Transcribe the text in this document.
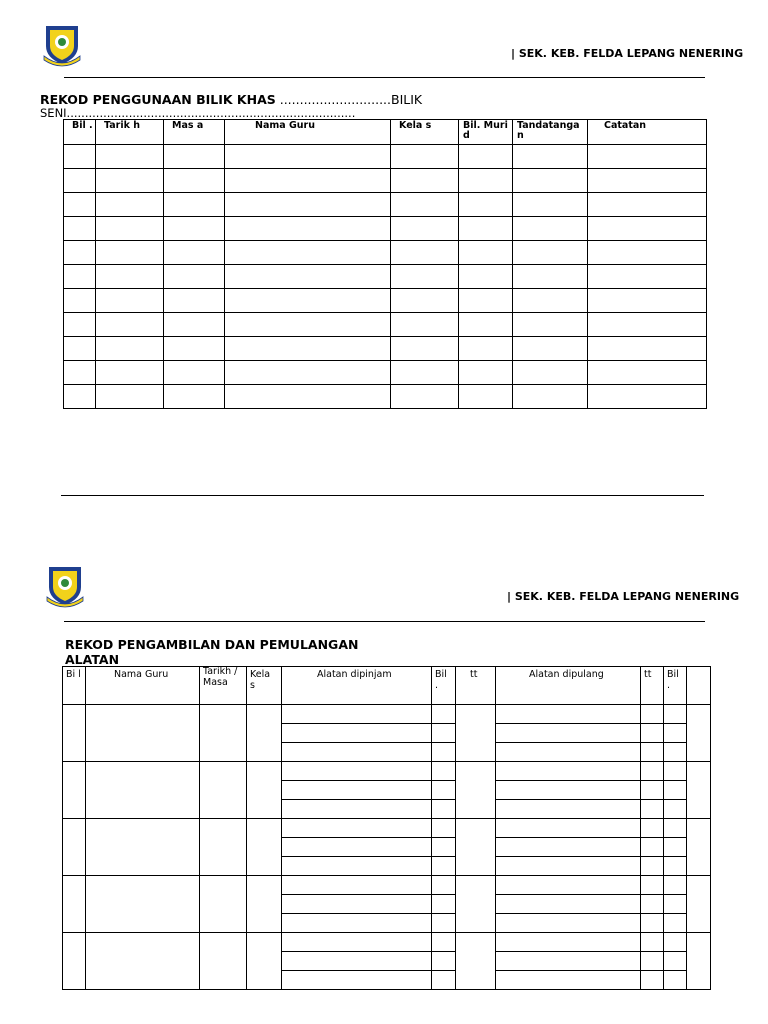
| SEK. KEB. FELDA LEPANG NENERING
REKOD PENGGUNAAN BILIK KHAS ............................BILIK
SENI...............................................................................
Bil .	Tarik h	Mas a	Nama Guru	Kela s	Bil. Murid	Tandatanga n	Catatan

| SEK. KEB. FELDA LEPANG NENERING
REKOD PENGAMBILAN DAN PEMULANGAN
ALATAN
Bi l	Nama Guru	Tarikh /Masa	Kela s	Alatan dipinjam	Bil .	tt	Alatan dipulang	tt	Bil .	
